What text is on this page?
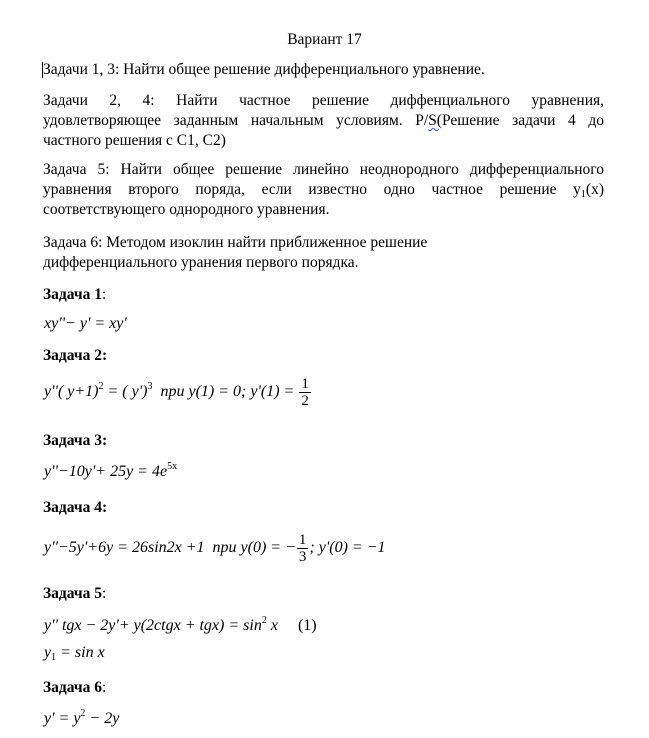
Вариант 17
Задачи 1, 3: Найти общее решение дифференциального уравнение.
Задачи 2, 4: Найти частное решение диффенциального уравнения,
удовлетворяющее заданным начальным условиям. P/S(Решение задачи 4 до
частного решения с С1, С2)
Задача 5: Найти общее решение линейно неоднородного дифференциального
уравнения второго поряда, если известно одно частное решение $y_1(x)$
соответствующего однородного уравнения.
Задача 6: Методом изоклин найти приближенное решение
дифференциального уранения первого порядка.
Задача 1:
xy''− y' = xy'
Задача 2:
y''( y+1)$^2$ = ( y')$^3$ при y(1) = 0; $y'(1) = \frac{1}{2}$
Задача 3:
$y''-10y'+ 25y = 4e^{5x}$
Задача 4:
y''−5y'+6y = 26sin2x +1 при y(0) = − $\frac{1}{3}$ ; y'(0) = −1
Задача 5:
y'' tgx − 2y'+ y(2ctgx + $tgx) = \sin^2 x$ (1)
$y_1 = \sin x$
Задача 6:
$y' = y^2 - 2y$
